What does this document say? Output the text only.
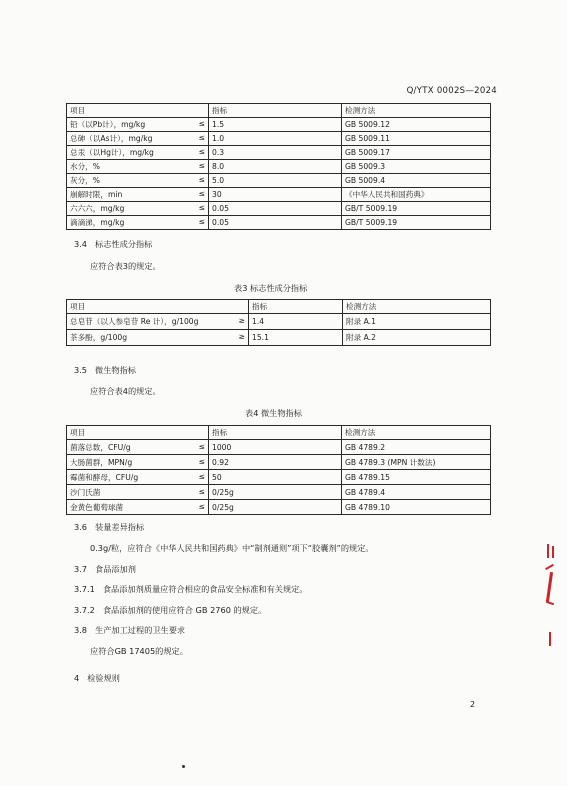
Q/YTX 0002S—2024
项目	指标	检测方法
铅（以Pb计），mg/kg ≤	1.5	GB 5009.12
总砷（以As计），mg/kg ≤	1.0	GB 5009.11
总汞（以Hg计），mg/kg ≤	0.3	GB 5009.17
水分，% ≤	8.0	GB 5009.3
灰分，% ≤	5.0	GB 5009.4
崩解时限，min ≤	30	《中华人民共和国药典》
六六六，mg/kg ≤	0.05	GB/T 5009.19
滴滴涕，mg/kg ≤	0.05	GB/T 5009.19
3.4 标志性成分指标
应符合表3的规定。
表3 标志性成分指标
项目	指标	检测方法
总皂苷（以人参皂苷 Re 计），g/100g ≥	1.4	附录 A.1
茶多酚，g/100g ≥	15.1	附录 A.2
3.5 微生物指标
应符合表4的规定。
表4 微生物指标
项目	指标	检测方法
菌落总数，CFU/g ≤	1000	GB 4789.2
大肠菌群，MPN/g ≤	0.92	GB 4789.3 (MPN 计数法)
霉菌和酵母，CFU/g ≤	50	GB 4789.15
沙门氏菌 ≤	0/25g	GB 4789.4
金黄色葡萄球菌 ≤	0/25g	GB 4789.10
3.6 装量差异指标
0.3g/粒，应符合《中华人民共和国药典》中“制剂通则”项下“胶囊剂”的规定。
3.7 食品添加剂
3.7.1 食品添加剂质量应符合相应的食品安全标准和有关规定。
3.7.2 食品添加剂的使用应符合 GB 2760 的规定。
3.8 生产加工过程的卫生要求
应符合GB 17405的规定。
4 检验规则
2
